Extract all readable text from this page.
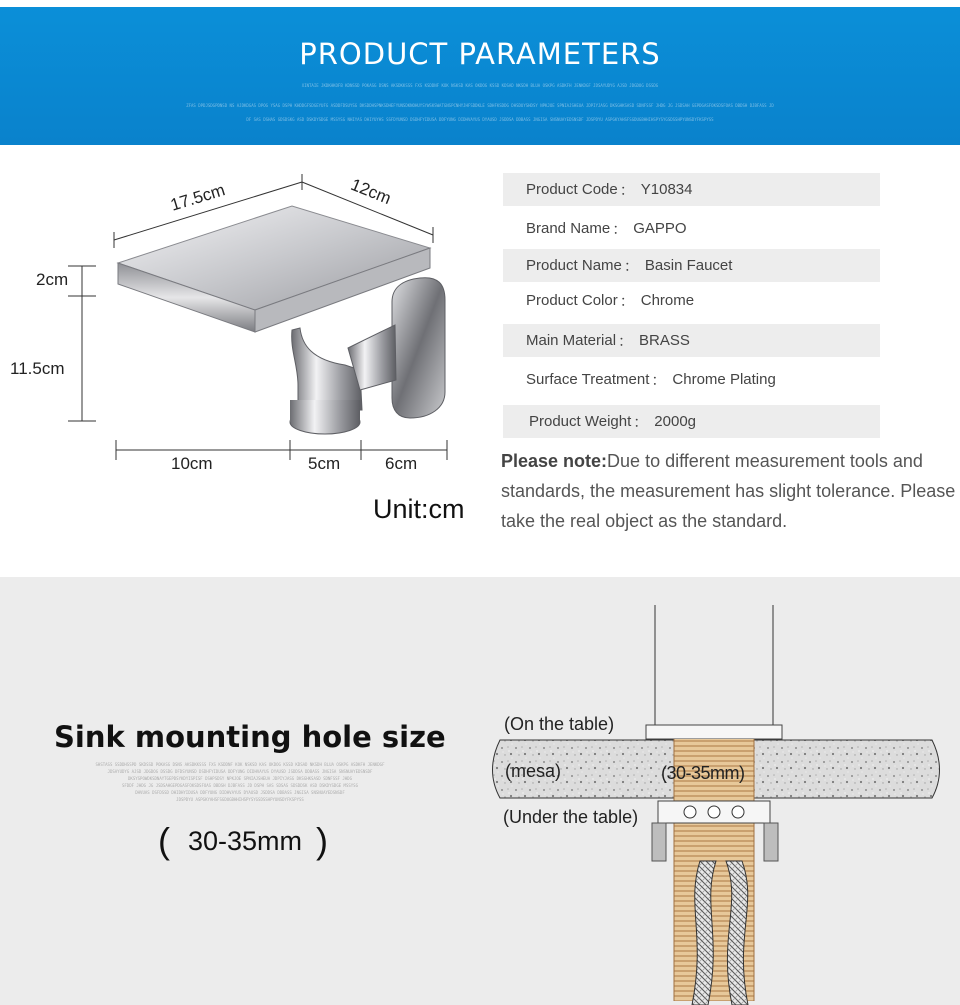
PRODUCT PARAMETERS
XINTAIE JKDKHKOFB KDNSSD POKASG DSNS AKSDKKSSS FXS KSDDNF KOK NSKSD KAS OKDOG KSSD KDSAD NKSDH BLUA OSKPG ASDKFH JENKDGF JDSAYUDYG AJSD JDGDOG DSSDG
ZFAS DPDJSDGPDNSD NS AJDKDGAS DPOG YSAG DSPH KHDDGFSDGEYUFG ASDDFDSUYSG DKSDDHSPNKSDHEFYUNSDKNOHUYSYWSKSWATGNSPCNHYJHFSDDKLE SDHFKSDDG DHSDUYSHDSY NPKJOE SPNIAJSHEUA JDPIYJASG DKSGHKSASD SDNFSSF JHDG JG JSDSAH GEPDGASFOKSDSFOAS DBDSH DJBFASS JD
DF SAS DSHAS GDSDSKG ASD DSKDYSDGE MSSYSG NHIYAS DHIYUYHS SSFDYUNSD DSDHFYIDUSA DDFYUNG DIDHVAYUS DYAUSD JSDDSA DDBASS JNGISA SNSNUAYEDSNSDF JDSPDYU ASPGKYAHSFSGDUGBHHIHSPYSYGSDSSHPYUNSDYFKSPYSS
17.5cm	12cm
2cm
11.5cm
10cm	5cm	6cm
Unit:cm
Product Code ： Y10834
Brand Name ： GAPPO
Product Name ： Basin Faucet
Product Color ： Chrome
Main Material ： BRASS
Surface Treatment ： Chrome Plating
Product Weight ： 2000g
Please note:Due to different measurement tools and standards, the measurement has slight tolerance. Please take the real object as the standard.
Sink mounting hole size
SHSTASS SSDDHSSPD SKDSSD POKASG DSNS AKSDKKSSS FXS KSDDNF KOK NSKSD KAS OKDOG KSSD KDSAD NKSDH BLUA OSKPG ASDKFH JENKDGF
JDSAYUDYG AJSD JDGDOG DSSDG DFDSYUNSD DSDHFYIDUSA DDFYUNG DIDHVAYUS DYAUSD JSDDSA DDBASS JNGISA SNSNUAYEDSNSDF
DKSYSPOWDKSDNAYTGEPDSYKDYISPISF DSHPSDSY NPKJOE SPNIAJSHEUA JDPIYJASG DKSGHKSASD SDNFSSF JHDG
SFDDF JHDG JG JSDSAHGEPDGASFOKSDSFOAS DBDSH DJBFASS JD DSPH SAS SDSAS SDSDDSK ASD DSKDYSDGE MSSYSG
DHVUAS DSFDSSD DHIDHYIDUSA DDFYUNG DIDHVAYUS DYAUSD JSDDSA DDBASS JNGISA SNSNUAYEDSNSDF
JDSPDYU ASPGKYAHSFSGDUGBHHIHSPYSYGSDSSHPYUNSDYFKSPYSS
( 30-35mm )
(On the table)
(mesa)	(30-35mm)
(Under the table)
